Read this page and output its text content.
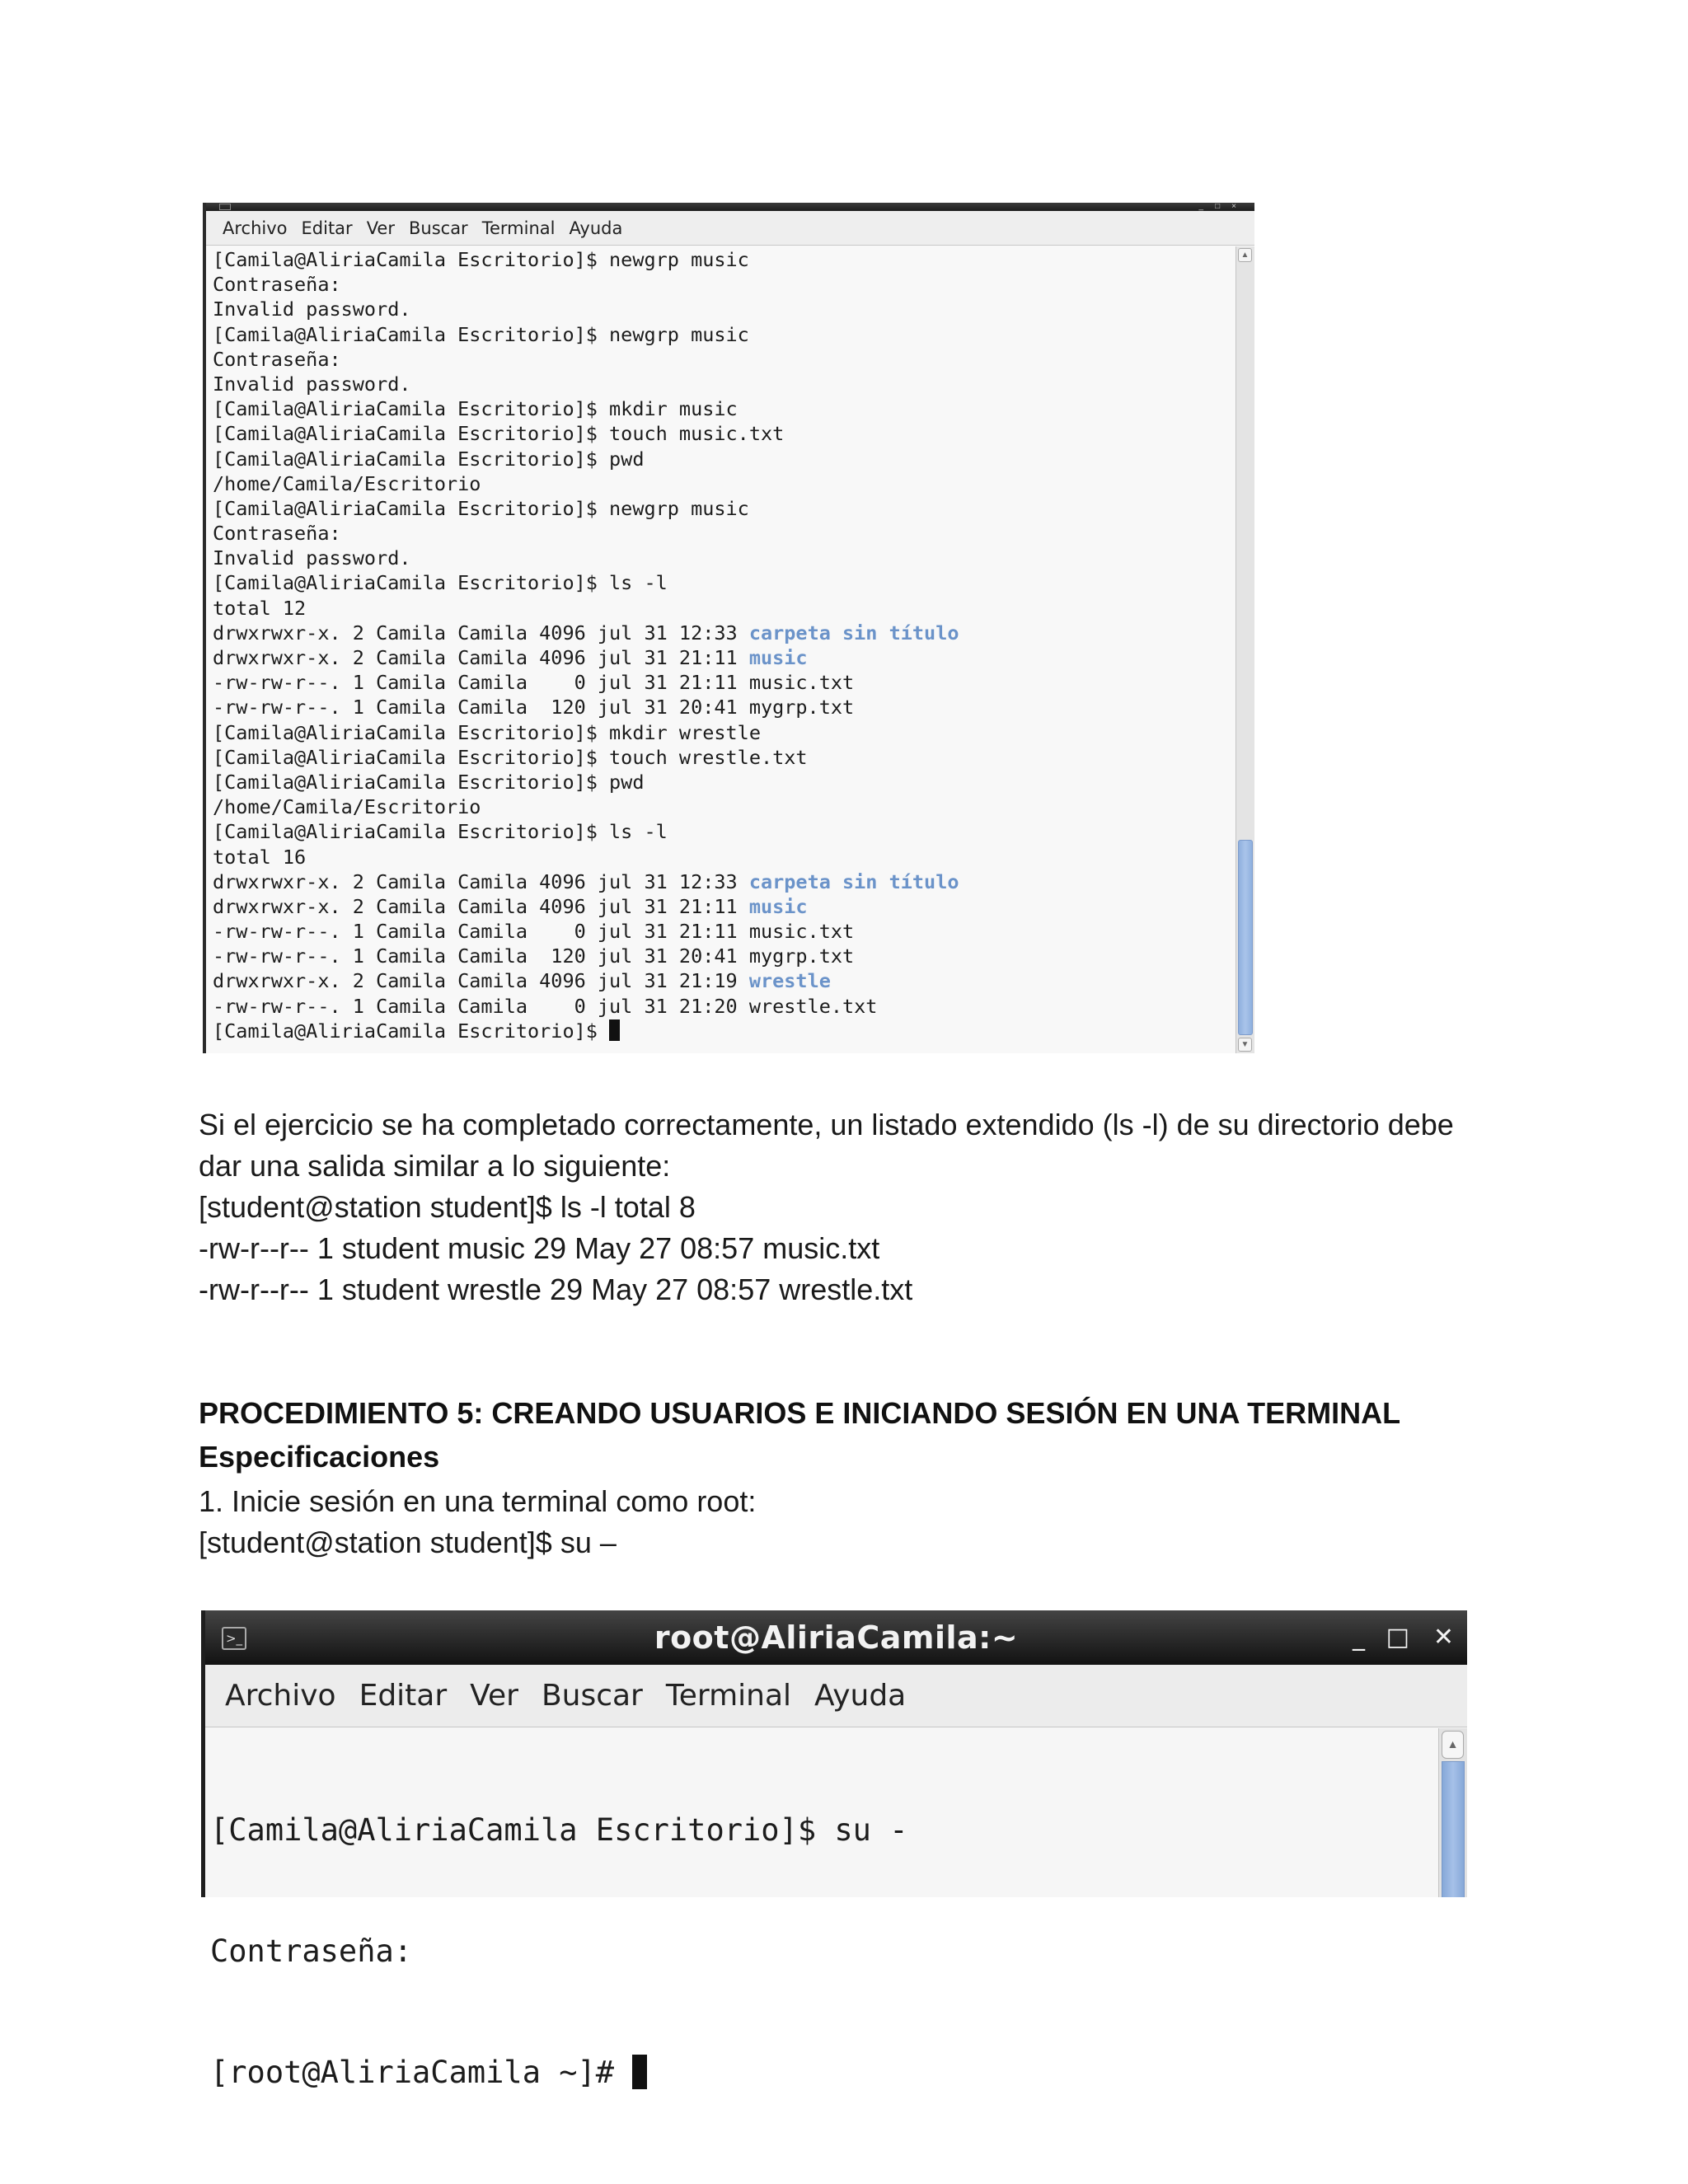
_□×
Archivo Editar Ver Buscar Terminal Ayuda
[Camila@AliriaCamila Escritorio]$ newgrp music
Contraseña:
Invalid password.
[Camila@AliriaCamila Escritorio]$ newgrp music
Contraseña:
Invalid password.
[Camila@AliriaCamila Escritorio]$ mkdir music
[Camila@AliriaCamila Escritorio]$ touch music.txt
[Camila@AliriaCamila Escritorio]$ pwd
/home/Camila/Escritorio
[Camila@AliriaCamila Escritorio]$ newgrp music
Contraseña:
Invalid password.
[Camila@AliriaCamila Escritorio]$ ls -l
total 12
drwxrwxr-x. 2 Camila Camila 4096 jul 31 12:33 carpeta sin título
drwxrwxr-x. 2 Camila Camila 4096 jul 31 21:11 music
-rw-rw-r--. 1 Camila Camila    0 jul 31 21:11 music.txt
-rw-rw-r--. 1 Camila Camila  120 jul 31 20:41 mygrp.txt
[Camila@AliriaCamila Escritorio]$ mkdir wrestle
[Camila@AliriaCamila Escritorio]$ touch wrestle.txt
[Camila@AliriaCamila Escritorio]$ pwd
/home/Camila/Escritorio
[Camila@AliriaCamila Escritorio]$ ls -l
total 16
drwxrwxr-x. 2 Camila Camila 4096 jul 31 12:33 carpeta sin título
drwxrwxr-x. 2 Camila Camila 4096 jul 31 21:11 music
-rw-rw-r--. 1 Camila Camila    0 jul 31 21:11 music.txt
-rw-rw-r--. 1 Camila Camila  120 jul 31 20:41 mygrp.txt
drwxrwxr-x. 2 Camila Camila 4096 jul 31 21:19 wrestle
-rw-rw-r--. 1 Camila Camila    0 jul 31 21:20 wrestle.txt
[Camila@AliriaCamila Escritorio]$
▲
▼
Si el ejercicio se ha completado correctamente, un listado extendido (ls -l) de su directorio debe
dar una salida similar a lo siguiente:
[student@station student]$ ls -l total 8
-rw-r--r-- 1 student music 29 May 27 08:57 music.txt
-rw-r--r-- 1 student wrestle 29 May 27 08:57 wrestle.txt
PROCEDIMIENTO 5: CREANDO USUARIOS E INICIANDO SESIÓN EN UNA TERMINAL
Especificaciones
1. Inicie sesión en una terminal como root:
[student@station student]$ su –
>_	root@AliriaCamila:~	_ □ ✕
Archivo Editar Ver Buscar Terminal Ayuda

[Camila@AliriaCamila Escritorio]$ su -

Contraseña:

[root@AliriaCamila ~]#

▲
